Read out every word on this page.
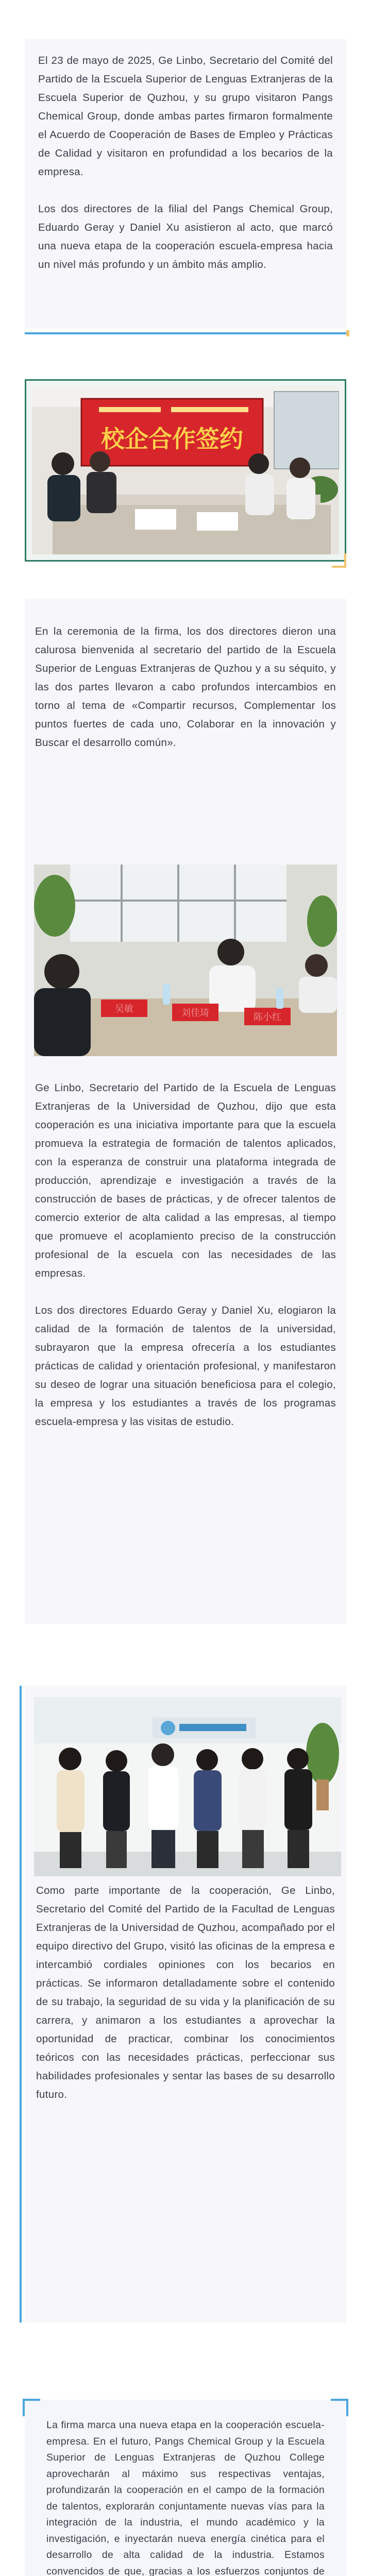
El 23 de mayo de 2025, Ge Linbo, Secretario del Comité del Partido de la Escuela Superior de Lenguas Extranjeras de la Escuela Superior de Quzhou, y su grupo visitaron Pangs Chemical Group, donde ambas partes firmaron formalmente el Acuerdo de Cooperación de Bases de Empleo y Prácticas de Calidad y visitaron en profundidad a los becarios de la empresa.

Los dos directores de la filial del Pangs Chemical Group, Eduardo Geray y Daniel Xu asistieron al acto, que marcó una nueva etapa de la cooperación escuela-empresa hacia un nivel más profundo y un ámbito más amplio.

校企合作签约

En la ceremonia de la firma, los dos directores dieron una calurosa bienvenida al secretario del partido de la Escuela Superior de Lenguas Extranjeras de Quzhou y a su séquito, y las dos partes llevaron a cabo profundos intercambios en torno al tema de «Compartir recursos, Complementar los puntos fuertes de cada uno, Colaborar en la innovación y Buscar el desarrollo común».

Ge Linbo, Secretario del Partido de la Escuela de Lenguas Extranjeras de la Universidad de Quzhou, dijo que esta cooperación es una iniciativa importante para que la escuela promueva la estrategia de formación de talentos aplicados, con la esperanza de construir una plataforma integrada de producción, aprendizaje e investigación a través de la construcción de bases de prácticas, y de ofrecer talentos de comercio exterior de alta calidad a las empresas, al tiempo que promueve el acoplamiento preciso de la construcción profesional de la escuela con las necesidades de las empresas.

Los dos directores Eduardo Geray y Daniel Xu, elogiaron la calidad de la formación de talentos de la universidad, subrayaron que la empresa ofrecería a los estudiantes prácticas de calidad y orientación profesional, y manifestaron su deseo de lograr una situación beneficiosa para el colegio, la empresa y los estudiantes a través de los programas escuela-empresa y las visitas de estudio.

吴敏	刘佳琦	陈小红

Como parte importante de la cooperación, Ge Linbo, Secretario del Comité del Partido de la Facultad de Lenguas Extranjeras de la Universidad de Quzhou, acompañado por el equipo directivo del Grupo, visitó las oficinas de la empresa e intercambió cordiales opiniones con los becarios en prácticas. Se informaron detalladamente sobre el contenido de su trabajo, la seguridad de su vida y la planificación de su carrera, y animaron a los estudiantes a aprovechar la oportunidad de practicar, combinar los conocimientos teóricos con las necesidades prácticas, perfeccionar sus habilidades profesionales y sentar las bases de su desarrollo futuro.

La firma marca una nueva etapa en la cooperación escuela-empresa. En el futuro, Pangs Chemical Group y la Escuela Superior de Lenguas Extranjeras de Quzhou College aprovecharán al máximo sus respectivas ventajas, profundizarán la cooperación en el campo de la formación de talentos, explorarán conjuntamente nuevas vías para la integración de la industria, el mundo académico y la investigación, e inyectarán nueva energía cinética para el desarrollo de alta calidad de la industria. Estamos convencidos de que, gracias a los esfuerzos conjuntos de
